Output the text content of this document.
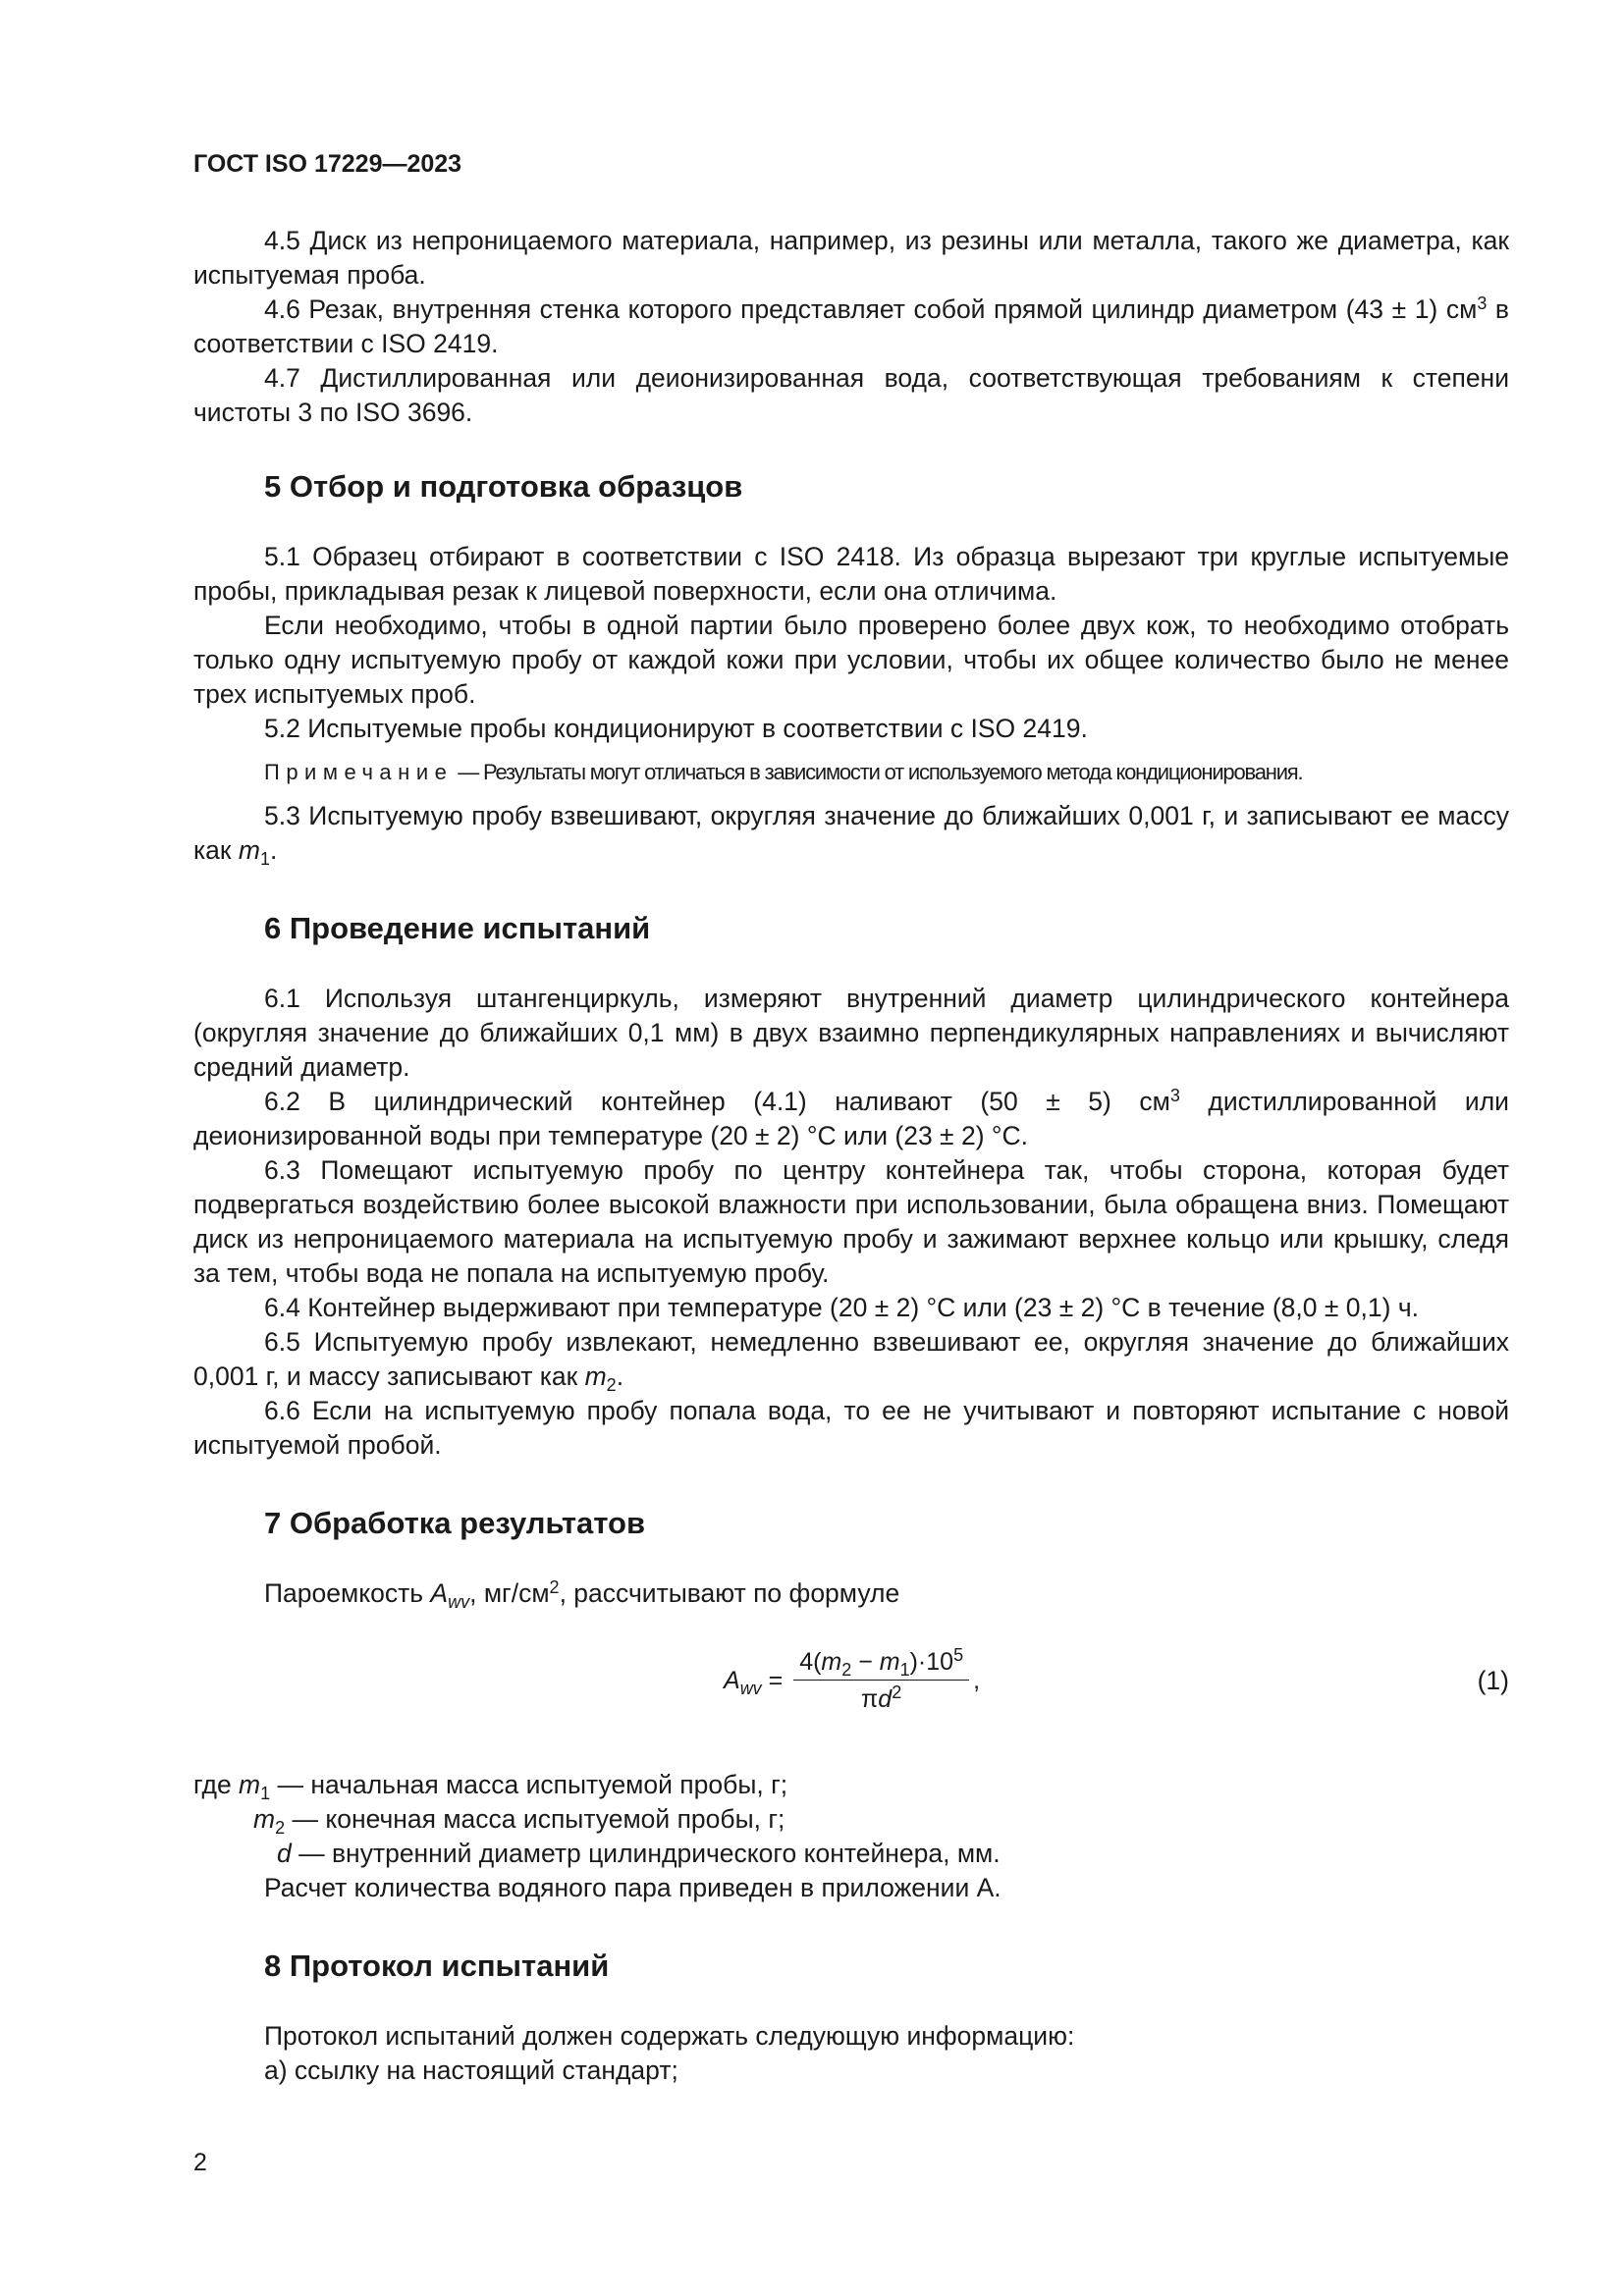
ГОСТ ISO 17229—2023

4.5 Диск из непроницаемого материала, например, из резины или металла, такого же диаметра, как испытуемая проба.

4.6 Резак, внутренняя стенка которого представляет собой прямой цилиндр диаметром (43 ± 1) $см^3$ в соответствии с ISO 2419.

4.7 Дистиллированная или деионизированная вода, соответствующая требованиям к степени чистоты 3 по ISO 3696.

5 Отбор и подготовка образцов

5.1 Образец отбирают в соответствии с ISO 2418. Из образца вырезают три круглые испытуемые пробы, прикладывая резак к лицевой поверхности, если она отличима.

Если необходимо, чтобы в одной партии было проверено более двух кож, то необходимо отобрать только одну испытуемую пробу от каждой кожи при условии, чтобы их общее количество было не менее трех испытуемых проб.

5.2 Испытуемые пробы кондиционируют в соответствии с ISO 2419.

Примечание — Результаты могут отличаться в зависимости от используемого метода кондиционирования.

5.3 Испытуемую пробу взвешивают, округляя значение до ближайших 0,001 г, и записывают ее массу как $m_1$.

6 Проведение испытаний

6.1 Используя штангенциркуль, измеряют внутренний диаметр цилиндрического контейнера (округляя значение до ближайших 0,1 мм) в двух взаимно перпендикулярных направлениях и вычисляют средний диаметр.

6.2 В цилиндрический контейнер (4.1) наливают (50 ± 5) $см^3$ дистиллированной или деионизированной воды при температуре (20 ± 2) °С или (23 ± 2) °С.

6.3 Помещают испытуемую пробу по центру контейнера так, чтобы сторона, которая будет подвергаться воздействию более высокой влажности при использовании, была обращена вниз. Помещают диск из непроницаемого материала на испытуемую пробу и зажимают верхнее кольцо или крышку, следя за тем, чтобы вода не попала на испытуемую пробу.

6.4 Контейнер выдерживают при температуре (20 ± 2) °С или (23 ± 2) °С в течение (8,0 ± 0,1) ч.

6.5 Испытуемую пробу извлекают, немедленно взвешивают ее, округляя значение до ближайших 0,001 г, и массу записывают как $m_2$.

6.6 Если на испытуемую пробу попала вода, то ее не учитывают и повторяют испытание с новой испытуемой пробой.

7 Обработка результатов

Пароемкость $A_{wv}$, $мг/см^2$, рассчитывают по формуле

$A_{wv} = \frac{4(m_2 - m_1)\cdot 10^5}{\pi d^2}$ ,	(1)
где $m_1$ — начальная масса испытуемой пробы, г;
$m_2$ — конечная масса испытуемой пробы, г;
d — внутренний диаметр цилиндрического контейнера, мм.
Расчет количества водяного пара приведен в приложении А.
8 Протокол испытаний

Протокол испытаний должен содержать следующую информацию:

а) ссылку на настоящий стандарт;

2
